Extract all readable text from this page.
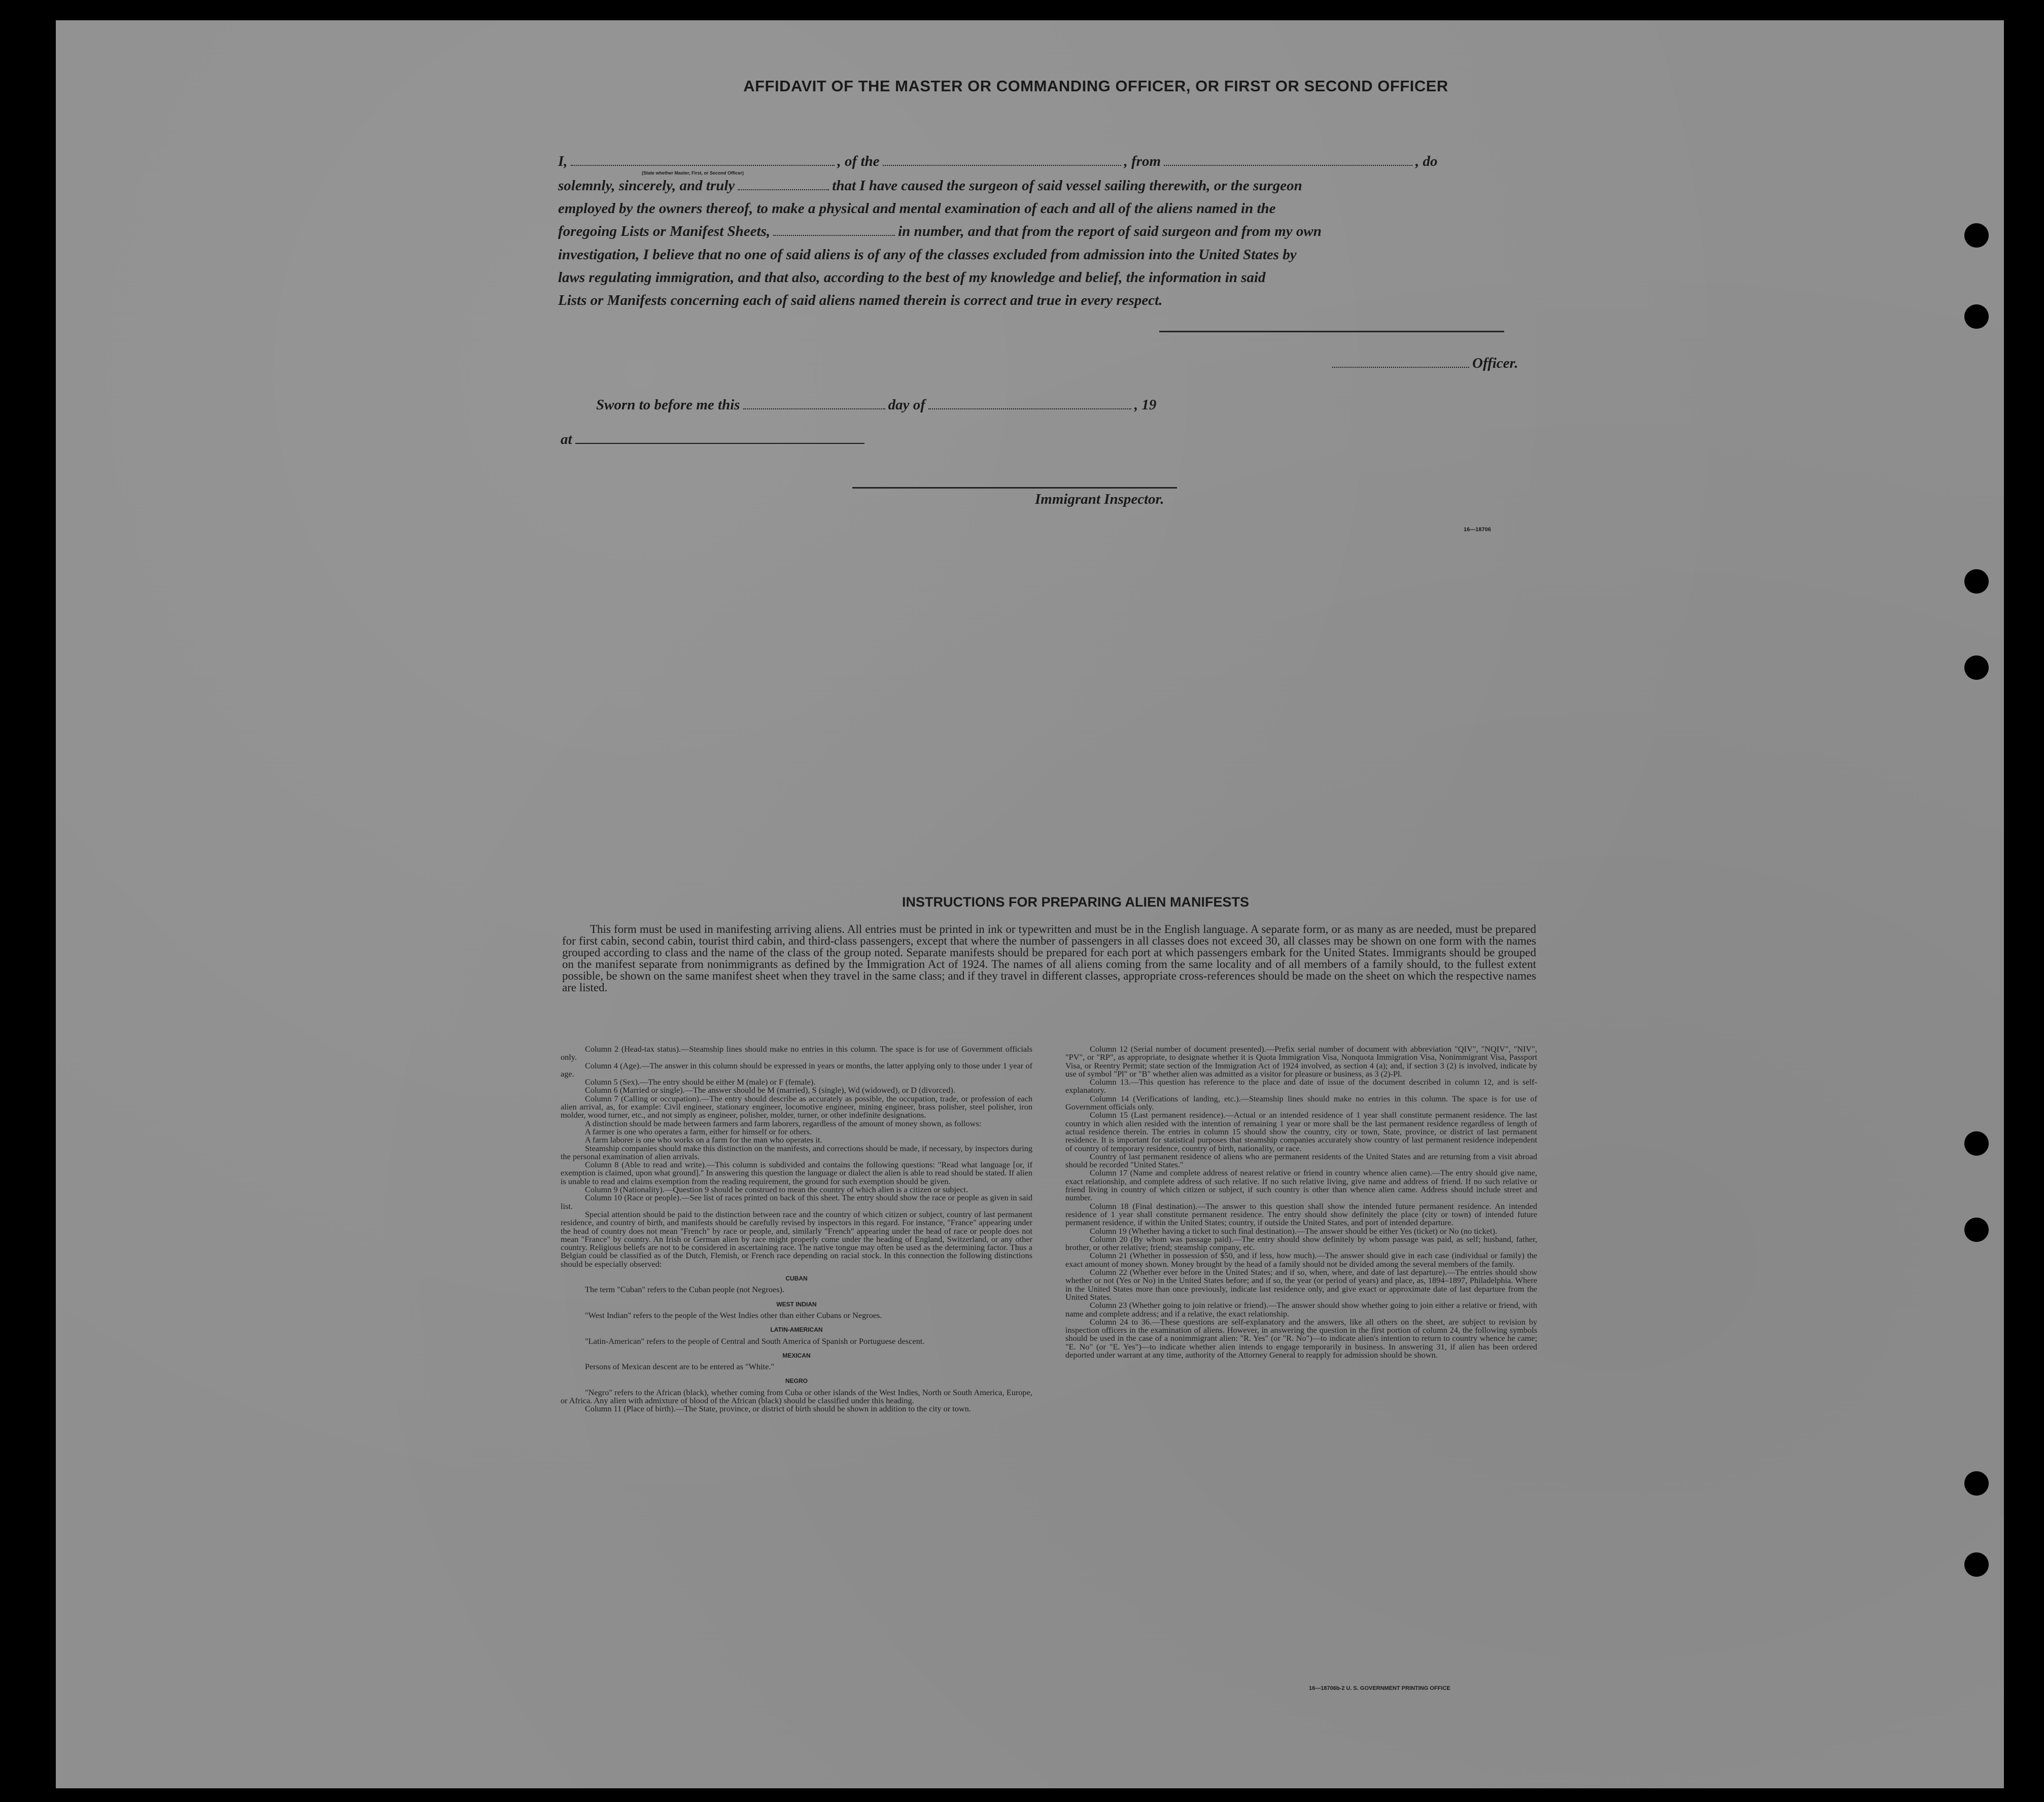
AFFIDAVIT OF THE MASTER OR COMMANDING OFFICER, OR FIRST OR SECOND OFFICER
I,	, of the	, from	, do
(State whether Master, First, or Second Officer)
solemnly, sincerely, and truly	that I have caused the surgeon of said vessel sailing therewith, or the surgeon
employed by the owners thereof, to make a physical and mental examination of each and all of the aliens named in the
foregoing Lists or Manifest Sheets,	in number, and that from the report of said surgeon and from my own
investigation, I believe that no one of said aliens is of any of the classes excluded from admission into the United States by
laws regulating immigration, and that also, according to the best of my knowledge and belief, the information in said
Lists or Manifests concerning each of said aliens named therein is correct and true in every respect.
Officer.
Sworn to before me this	day of	, 19
at
Immigrant Inspector.
16—18706
INSTRUCTIONS FOR PREPARING ALIEN MANIFESTS
This form must be used in manifesting arriving aliens. All entries must be printed in ink or typewritten and must be in the English language. A separate form, or as many as are needed, must be prepared for first cabin, second cabin, tourist third cabin, and third-class passengers, except that where the number of passengers in all classes does not exceed 30, all classes may be shown on one form with the names grouped according to class and the name of the class of the group noted. Separate manifests should be prepared for each port at which passengers embark for the United States. Immigrants should be grouped on the manifest separate from nonimmigrants as defined by the Immigration Act of 1924. The names of all aliens coming from the same locality and of all members of a family should, to the fullest extent possible, be shown on the same manifest sheet when they travel in the same class; and if they travel in different classes, appropriate cross-references should be made on the sheet on which the respective names are listed.

Column 2 (Head-tax status).—Steamship lines should make no entries in this column. The space is for use of Government officials only.

Column 4 (Age).—The answer in this column should be expressed in years or months, the latter applying only to those under 1 year of age.

Column 5 (Sex).—The entry should be either M (male) or F (female).

Column 6 (Married or single).—The answer should be M (married), S (single), Wd (widowed), or D (divorced).

Column 7 (Calling or occupation).—The entry should describe as accurately as possible, the occupation, trade, or profession of each alien arrival, as, for example: Civil engineer, stationary engineer, locomotive engineer, mining engineer, brass polisher, steel polisher, iron molder, wood turner, etc., and not simply as engineer, polisher, molder, turner, or other indefinite designations.

A distinction should be made between farmers and farm laborers, regardless of the amount of money shown, as follows:

A farmer is one who operates a farm, either for himself or for others.

A farm laborer is one who works on a farm for the man who operates it.

Steamship companies should make this distinction on the manifests, and corrections should be made, if necessary, by inspectors during the personal examination of alien arrivals.

Column 8 (Able to read and write).—This column is subdivided and contains the following questions: "Read what language [or, if exemption is claimed, upon what ground]." In answering this question the language or dialect the alien is able to read should be stated. If alien is unable to read and claims exemption from the reading requirement, the ground for such exemption should be given.

Column 9 (Nationality).—Question 9 should be construed to mean the country of which alien is a citizen or subject.

Column 10 (Race or people).—See list of races printed on back of this sheet. The entry should show the race or people as given in said list.

Special attention should be paid to the distinction between race and the country of which citizen or subject, country of last permanent residence, and country of birth, and manifests should be carefully revised by inspectors in this regard. For instance, "France" appearing under the head of country does not mean "French" by race or people, and, similarly "French" appearing under the head of race or people does not mean "France" by country. An Irish or German alien by race might properly come under the heading of England, Switzerland, or any other country. Religious beliefs are not to be considered in ascertaining race. The native tongue may often be used as the determining factor. Thus a Belgian could be classified as of the Dutch, Flemish, or French race depending on racial stock. In this connection the following distinctions should be especially observed:

CUBAN

The term "Cuban" refers to the Cuban people (not Negroes).

WEST INDIAN

"West Indian" refers to the people of the West Indies other than either Cubans or Negroes.

LATIN-AMERICAN

"Latin-American" refers to the people of Central and South America of Spanish or Portuguese descent.

MEXICAN

Persons of Mexican descent are to be entered as "White."

NEGRO

"Negro" refers to the African (black), whether coming from Cuba or other islands of the West Indies, North or South America, Europe, or Africa. Any alien with admixture of blood of the African (black) should be classified under this heading.

Column 11 (Place of birth).—The State, province, or district of birth should be shown in addition to the city or town.

Column 12 (Serial number of document presented).—Prefix serial number of document with abbreviation "QIV", "NQIV", "NIV", "PV", or "RP", as appropriate, to designate whether it is Quota Immigration Visa, Nonquota Immigration Visa, Nonimmigrant Visa, Passport Visa, or Reentry Permit; state section of the Immigration Act of 1924 involved, as section 4 (a); and, if section 3 (2) is involved, indicate by use of symbol "Pl" or "B" whether alien was admitted as a visitor for pleasure or business, as 3 (2)-Pl.

Column 13.—This question has reference to the place and date of issue of the document described in column 12, and is self-explanatory.

Column 14 (Verifications of landing, etc.).—Steamship lines should make no entries in this column. The space is for use of Government officials only.

Column 15 (Last permanent residence).—Actual or an intended residence of 1 year shall constitute permanent residence. The last country in which alien resided with the intention of remaining 1 year or more shall be the last permanent residence regardless of length of actual residence therein. The entries in column 15 should show the country, city or town, State, province, or district of last permanent residence. It is important for statistical purposes that steamship companies accurately show country of last permanent residence independent of country of temporary residence, country of birth, nationality, or race.

Country of last permanent residence of aliens who are permanent residents of the United States and are returning from a visit abroad should be recorded "United States."

Column 17 (Name and complete address of nearest relative or friend in country whence alien came).—The entry should give name, exact relationship, and complete address of such relative. If no such relative living, give name and address of friend. If no such relative or friend living in country of which citizen or subject, if such country is other than whence alien came. Address should include street and number.

Column 18 (Final destination).—The answer to this question shall show the intended future permanent residence. An intended residence of 1 year shall constitute permanent residence. The entry should show definitely the place (city or town) of intended future permanent residence, if within the United States; country, if outside the United States, and port of intended departure.

Column 19 (Whether having a ticket to such final destination).—The answer should be either Yes (ticket) or No (no ticket).

Column 20 (By whom was passage paid).—The entry should show definitely by whom passage was paid, as self; husband, father, brother, or other relative; friend; steamship company, etc.

Column 21 (Whether in possession of $50, and if less, how much).—The answer should give in each case (individual or family) the exact amount of money shown. Money brought by the head of a family should not be divided among the several members of the family.

Column 22 (Whether ever before in the United States; and if so, when, where, and date of last departure).—The entries should show whether or not (Yes or No) in the United States before; and if so, the year (or period of years) and place, as, 1894–1897, Philadelphia. Where in the United States more than once previously, indicate last residence only, and give exact or approximate date of last departure from the United States.

Column 23 (Whether going to join relative or friend).—The answer should show whether going to join either a relative or friend, with name and complete address; and if a relative, the exact relationship.

Column 24 to 36.—These questions are self-explanatory and the answers, like all others on the sheet, are subject to revision by inspection officers in the examination of aliens. However, in answering the question in the first portion of column 24, the following symbols should be used in the case of a nonimmigrant alien: "R. Yes" (or "R. No")—to indicate alien's intention to return to country whence he came; "E. No" (or "E. Yes")—to indicate whether alien intends to engage temporarily in business. In answering 31, if alien has been ordered deported under warrant at any time, authority of the Attorney General to reapply for admission should be shown.

16—18706b-2 U. S. GOVERNMENT PRINTING OFFICE
